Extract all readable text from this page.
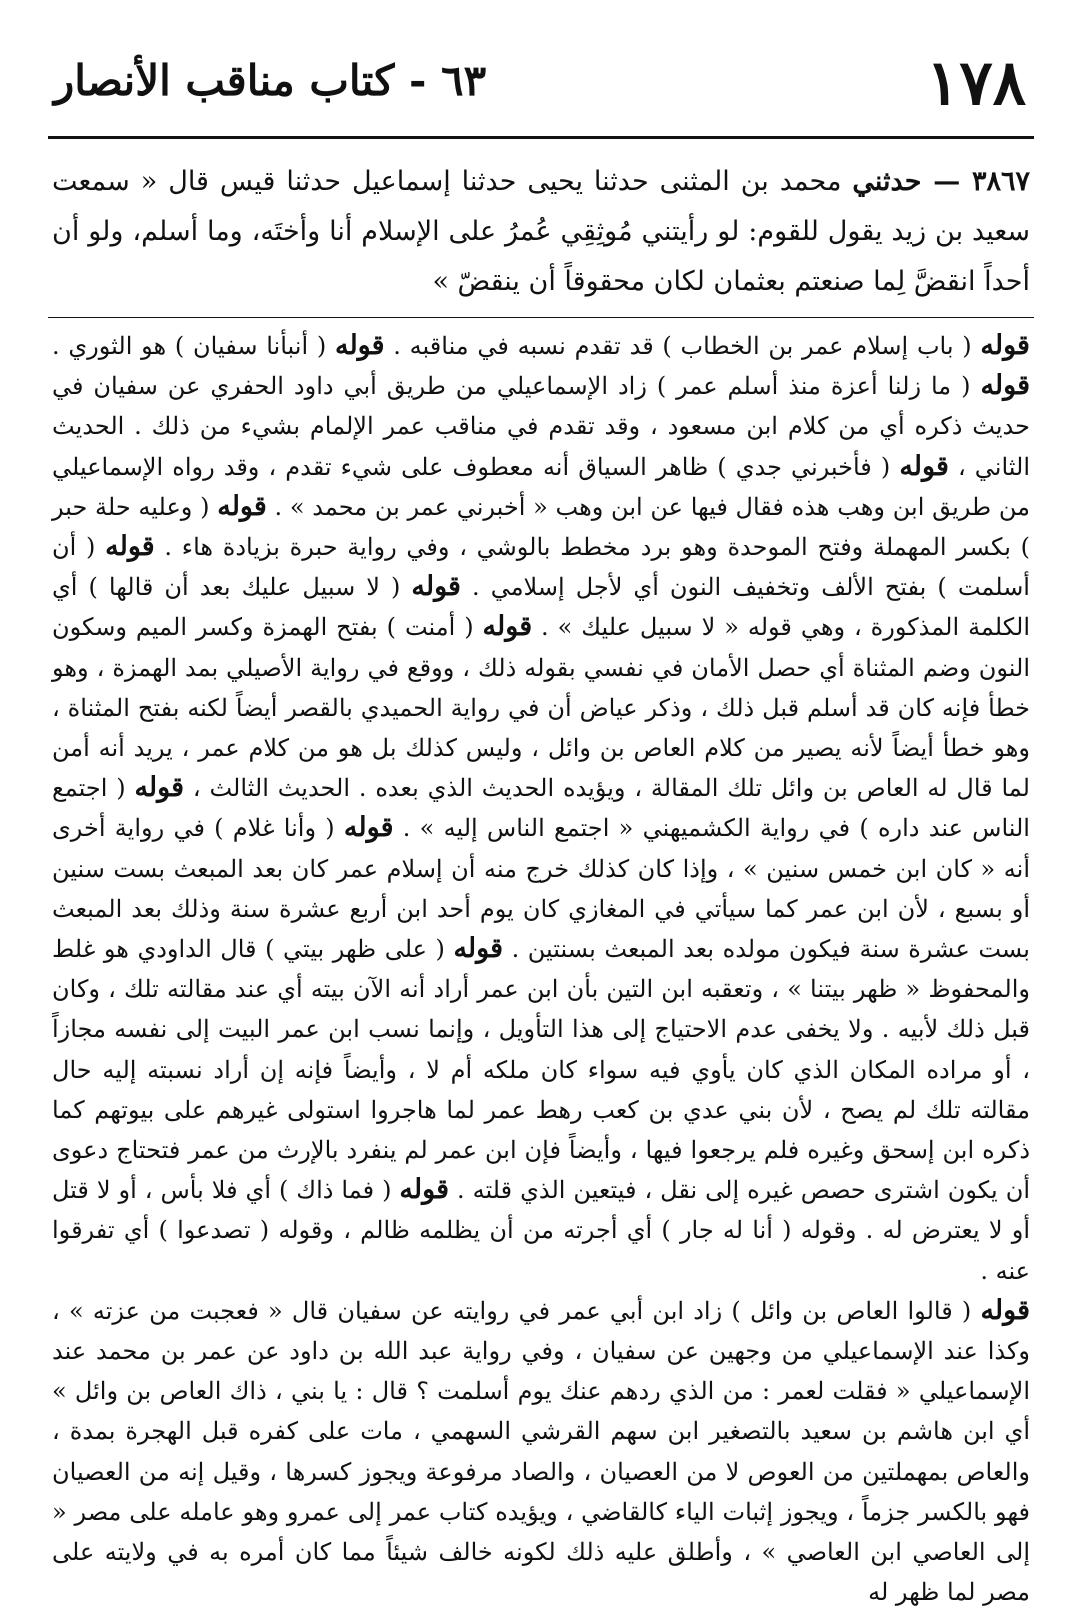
١٧٨
٦٣ - كتاب مناقب الأنصار
٣٨٦٧ — حدثني محمد بن المثنى حدثنا يحيى حدثنا إسماعيل حدثنا قيس قال « سمعت سعيد بن زيد يقول للقوم: لو رأيتني مُوثِقِي عُمرُ على الإسلام أنا وأختَه، وما أسلم، ولو أن أحداً انقضَّ لِما صنعتم بعثمان لكان محقوقاً أن ينقضّ »

قوله ( باب إسلام عمر بن الخطاب ) قد تقدم نسبه في مناقبه . قوله ( أنبأنا سفيان ) هو الثوري . قوله ( ما زلنا أعزة منذ أسلم عمر ) زاد الإسماعيلي من طريق أبي داود الحفري عن سفيان في حديث ذكره أي من كلام ابن مسعود ، وقد تقدم في مناقب عمر الإلمام بشيء من ذلك . الحديث الثاني ، قوله ( فأخبرني جدي ) ظاهر السياق أنه معطوف على شيء تقدم ، وقد رواه الإسماعيلي من طريق ابن وهب هذه فقال فيها عن ابن وهب « أخبرني عمر بن محمد » . قوله ( وعليه حلة حبر ) بكسر المهملة وفتح الموحدة وهو برد مخطط بالوشي ، وفي رواية حبرة بزيادة هاء . قوله ( أن أسلمت ) بفتح الألف وتخفيف النون أي لأجل إسلامي . قوله ( لا سبيل عليك بعد أن قالها ) أي الكلمة المذكورة ، وهي قوله « لا سبيل عليك » . قوله ( أمنت ) بفتح الهمزة وكسر الميم وسكون النون وضم المثناة أي حصل الأمان في نفسي بقوله ذلك ، ووقع في رواية الأصيلي بمد الهمزة ، وهو خطأ فإنه كان قد أسلم قبل ذلك ، وذكر عياض أن في رواية الحميدي بالقصر أيضاً لكنه بفتح المثناة ، وهو خطأ أيضاً لأنه يصير من كلام العاص بن وائل ، وليس كذلك بل هو من كلام عمر ، يريد أنه أمن لما قال له العاص بن وائل تلك المقالة ، ويؤيده الحديث الذي بعده . الحديث الثالث ، قوله ( اجتمع الناس عند داره ) في رواية الكشميهني « اجتمع الناس إليه » . قوله ( وأنا غلام ) في رواية أخرى أنه « كان ابن خمس سنين » ، وإذا كان كذلك خرج منه أن إسلام عمر كان بعد المبعث بست سنين أو بسبع ، لأن ابن عمر كما سيأتي في المغازي كان يوم أحد ابن أربع عشرة سنة وذلك بعد المبعث بست عشرة سنة فيكون مولده بعد المبعث بسنتين . قوله ( على ظهر بيتي ) قال الداودي هو غلط والمحفوظ « ظهر بيتنا » ، وتعقبه ابن التين بأن ابن عمر أراد أنه الآن بيته أي عند مقالته تلك ، وكان قبل ذلك لأبيه . ولا يخفى عدم الاحتياج إلى هذا التأويل ، وإنما نسب ابن عمر البيت إلى نفسه مجازاً ، أو مراده المكان الذي كان يأوي فيه سواء كان ملكه أم لا ، وأيضاً فإنه إن أراد نسبته إليه حال مقالته تلك لم يصح ، لأن بني عدي بن كعب رهط عمر لما هاجروا استولى غيرهم على بيوتهم كما ذكره ابن إسحق وغيره فلم يرجعوا فيها ، وأيضاً فإن ابن عمر لم ينفرد بالإرث من عمر فتحتاج دعوى أن يكون اشترى حصص غيره إلى نقل ، فيتعين الذي قلته . قوله ( فما ذاك ) أي فلا بأس ، أو لا قتل أو لا يعترض له . وقوله ( أنا له جار ) أي أجرته من أن يظلمه ظالم ، وقوله ( تصدعوا ) أي تفرقوا عنه .

قوله ( قالوا العاص بن وائل ) زاد ابن أبي عمر في روايته عن سفيان قال « فعجبت من عزته » ، وكذا عند الإسماعيلي من وجهين عن سفيان ، وفي رواية عبد الله بن داود عن عمر بن محمد عند الإسماعيلي « فقلت لعمر : من الذي ردهم عنك يوم أسلمت ؟ قال : يا بني ، ذاك العاص بن وائل » أي ابن هاشم بن سعيد بالتصغير ابن سهم القرشي السهمي ، مات على كفره قبل الهجرة بمدة ، والعاص بمهملتين من العوص لا من العصيان ، والصاد مرفوعة ويجوز كسرها ، وقيل إنه من العصيان فهو بالكسر جزماً ، ويجوز إثبات الياء كالقاضي ، ويؤيده كتاب عمر إلى عمرو وهو عامله على مصر « إلى العاصي ابن العاصي » ، وأطلق عليه ذلك لكونه خالف شيئاً مما كان أمره به في ولايته على مصر لما ظهر له
